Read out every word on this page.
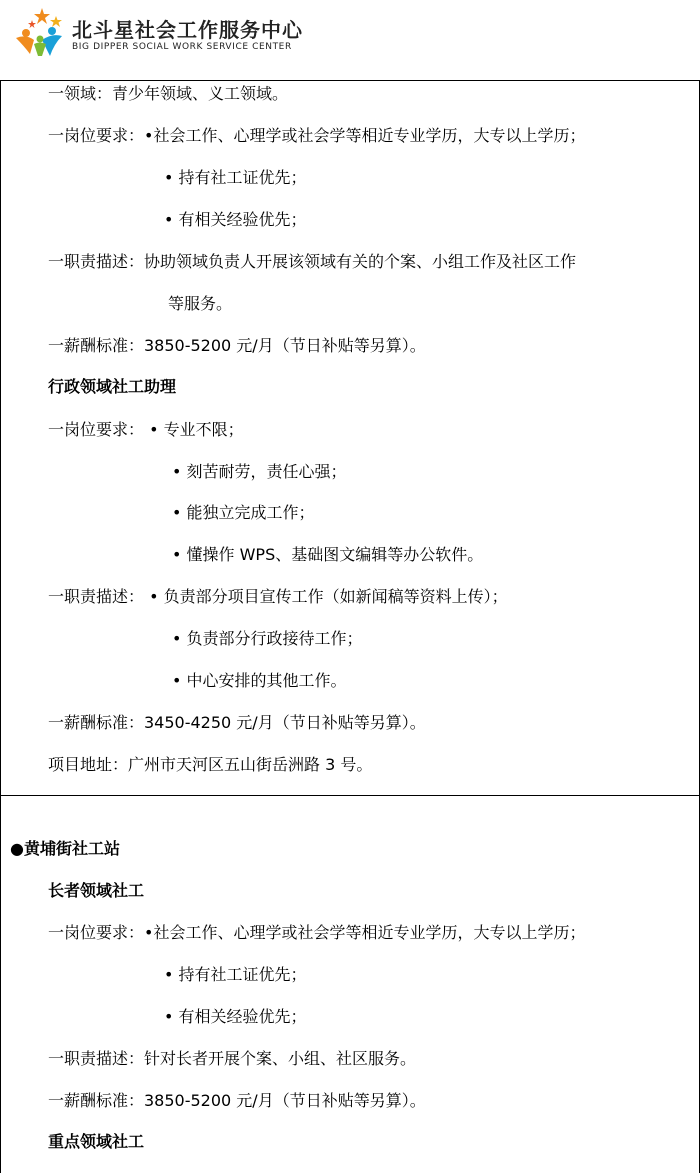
北斗星社会工作服务中心
BIG DIPPER SOCIAL WORK SERVICE CENTER
一领域：青少年领域、义工领域。
一岗位要求：•社会工作、心理学或社会学等相近专业学历，大专以上学历；
• 持有社工证优先；
• 有相关经验优先；
一职责描述：协助领域负责人开展该领域有关的个案、小组工作及社区工作
等服务。
一薪酬标准：3850-5200 元/月（节日补贴等另算）。
行政领域社工助理
一岗位要求： • 专业不限；
• 刻苦耐劳，责任心强；
• 能独立完成工作；
• 懂操作 WPS、基础图文编辑等办公软件。
一职责描述： • 负责部分项目宣传工作（如新闻稿等资料上传）；
• 负责部分行政接待工作；
• 中心安排的其他工作。
一薪酬标准：3450-4250 元/月（节日补贴等另算）。
项目地址：广州市天河区五山街岳洲路 3 号。
●黄埔街社工站
长者领域社工
一岗位要求：•社会工作、心理学或社会学等相近专业学历，大专以上学历；
• 持有社工证优先；
• 有相关经验优先；
一职责描述：针对长者开展个案、小组、社区服务。
一薪酬标准：3850-5200 元/月（节日补贴等另算）。
重点领域社工
